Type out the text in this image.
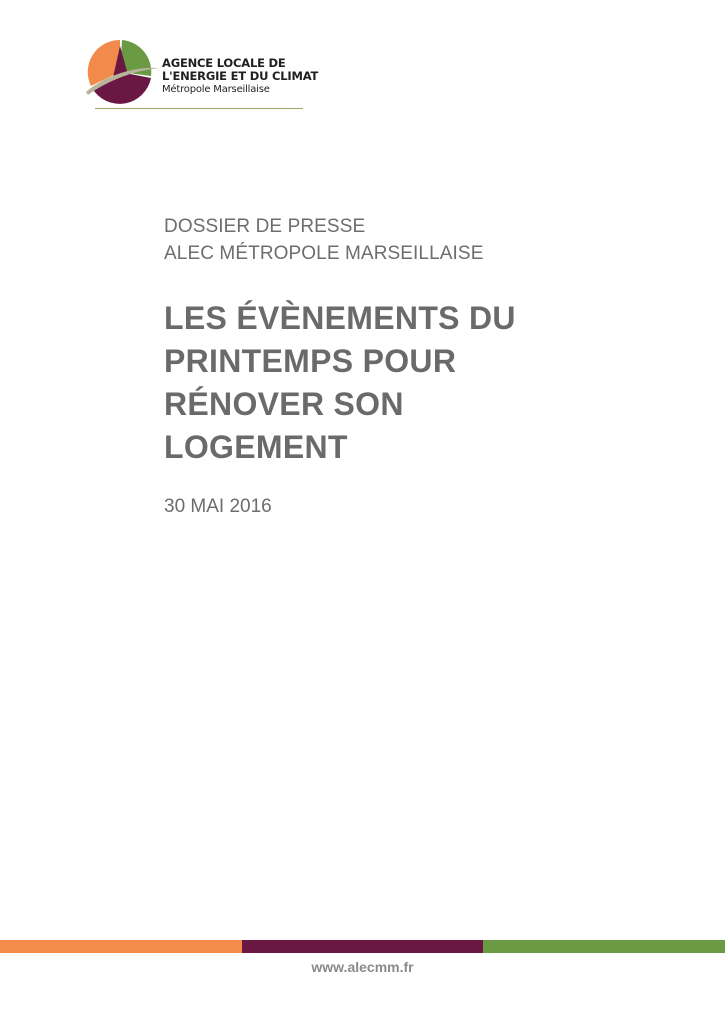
AGENCE LOCALE DE
L'ENERGIE ET DU CLIMAT
Métropole Marseillaise
DOSSIER DE PRESSE
ALEC MÉTROPOLE MARSEILLAISE
LES ÉVÈNEMENTS DU
PRINTEMPS POUR
RÉNOVER SON
LOGEMENT
30 MAI 2016
www.alecmm.fr
